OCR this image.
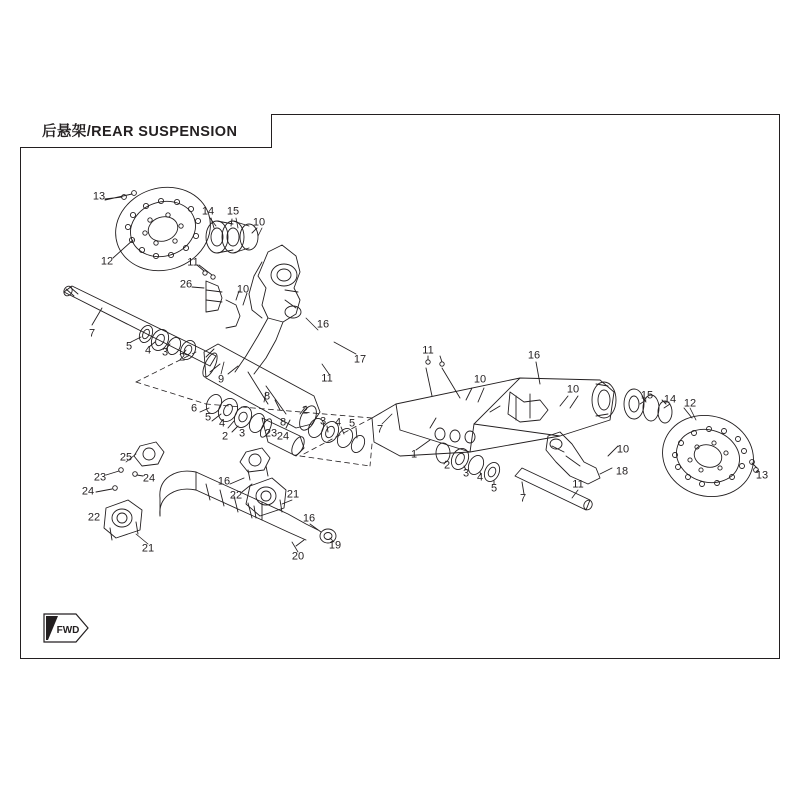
后悬架/REAR SUSPENSION
FWD
13
12
14 15
10
11
26	10
7
5 4 3 2
16
17
9	11
8
2
6
5 4
3
2
8	3 4 5
23 24
7
1
11
10
16
10	15 14 12
10
13
18
2
3 4
5	11
7
25
23	24
24
16
22	21
22	16
21
20
19
